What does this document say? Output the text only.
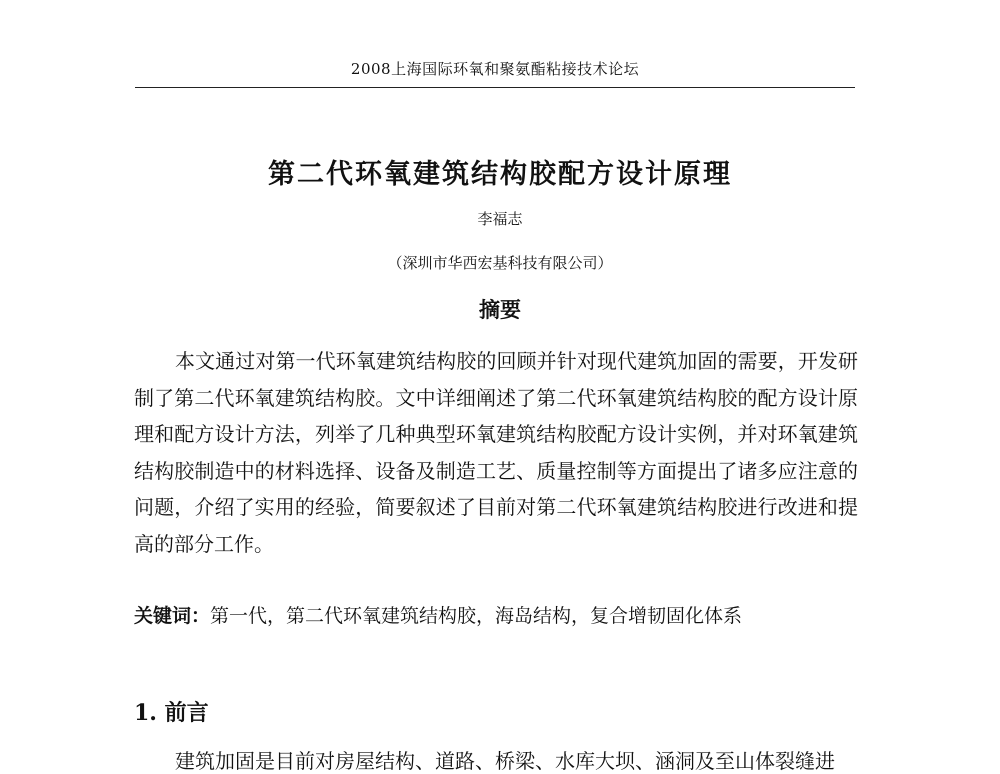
2008上海国际环氧和聚氨酯粘接技术论坛
第二代环氧建筑结构胶配方设计原理
李福志
（深圳市华西宏基科技有限公司）
摘要

本文通过对第一代环氧建筑结构胶的回顾并针对现代建筑加固的需要，开发研制了第二代环氧建筑结构胶。文中详细阐述了第二代环氧建筑结构胶的配方设计原理和配方设计方法，列举了几种典型环氧建筑结构胶配方设计实例，并对环氧建筑结构胶制造中的材料选择、设备及制造工艺、质量控制等方面提出了诸多应注意的问题，介绍了实用的经验，简要叙述了目前对第二代环氧建筑结构胶进行改进和提高的部分工作。

关键词：第一代，第二代环氧建筑结构胶，海岛结构，复合增韧固化体系
1. 前言

建筑加固是目前对房屋结构、道路、桥梁、水库大坝、涵洞及至山体裂缝进
